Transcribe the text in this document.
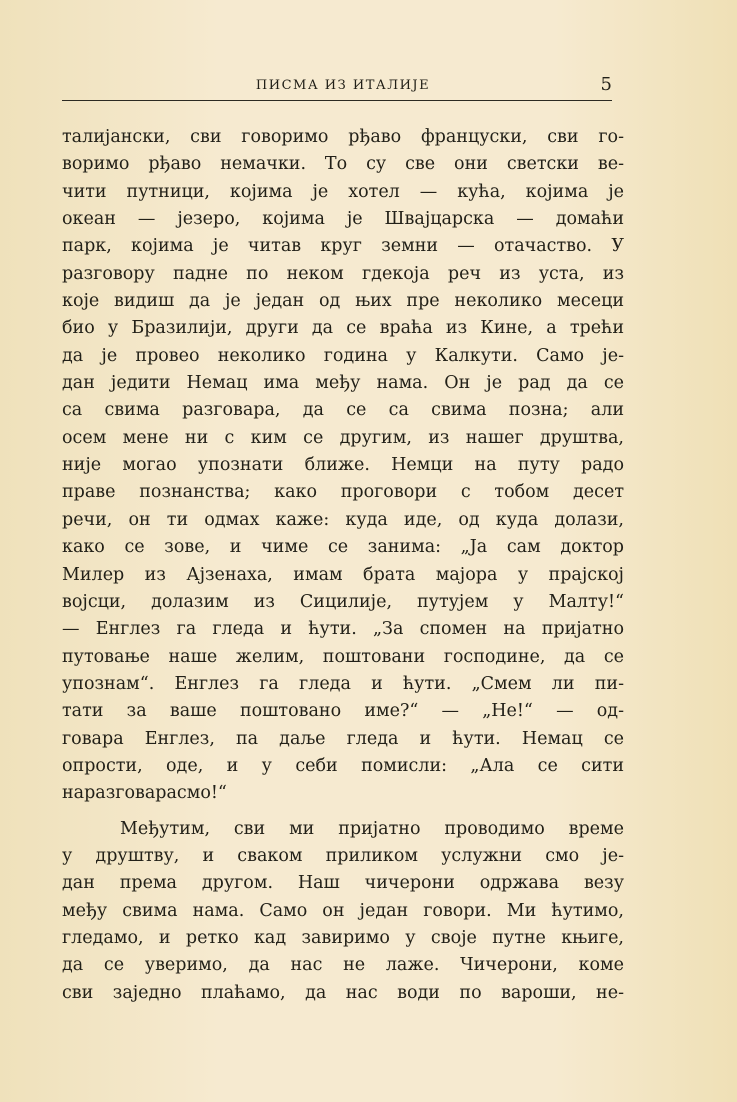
ПИСМА ИЗ ИТАЛИЈЕ	5
талијански, сви говоримо рђаво француски, сви го-
воримо рђаво немачки. То су све они светски ве-
чити путници, којима је хотел — кућа, којима је
океан — језеро, којима је Швајцарска — домаћи
парк, којима је читав круг земни — отачаство. У
разговору падне по неком гдекоја реч из уста, из
које видиш да је један од њих пре неколико месеци
био у Бразилији, други да се враћа из Кине, а трећи
да је провео неколико година у Калкути. Само је-
дан једити Немац има међу нама. Он је рад да се
са свима разговара, да се са свима позна; али
осем мене ни с ким се другим, из нашег друштва,
није могао упознати ближе. Немци на путу радо
праве познанства; како проговори с тобом десет
речи, он ти одмах каже: куда иде, од куда долази,
како се зове, и чиме се занима: „Ја сам доктор
Милер из Ајзенаха, имам брата мајора у прајској
војсци, долазим из Сицилије, путујем у Малту!“
— Енглез га гледа и ћути. „За спомен на пријатно
путовање наше желим, поштовани господине, да се
упознам“. Енглез га гледа и ћути. „Смем ли пи-
тати за ваше поштовано име?“ — „Не!“ — од-
говара Енглез, па даље гледа и ћути. Немац се
опрости, оде, и у себи помисли: „Ала се сити
наразговарасмо!“
Међутим, сви ми пријатно проводимо време
у друштву, и сваком приликом услужни смо је-
дан према другом. Наш чичерони одржава везу
међу свима нама. Само он један говори. Ми ћутимо,
гледамо, и ретко кад завиримо у своје путне књиге,
да се уверимо, да нас не лаже. Чичерони, коме
сви заједно плаћамо, да нас води по вароши, не-
